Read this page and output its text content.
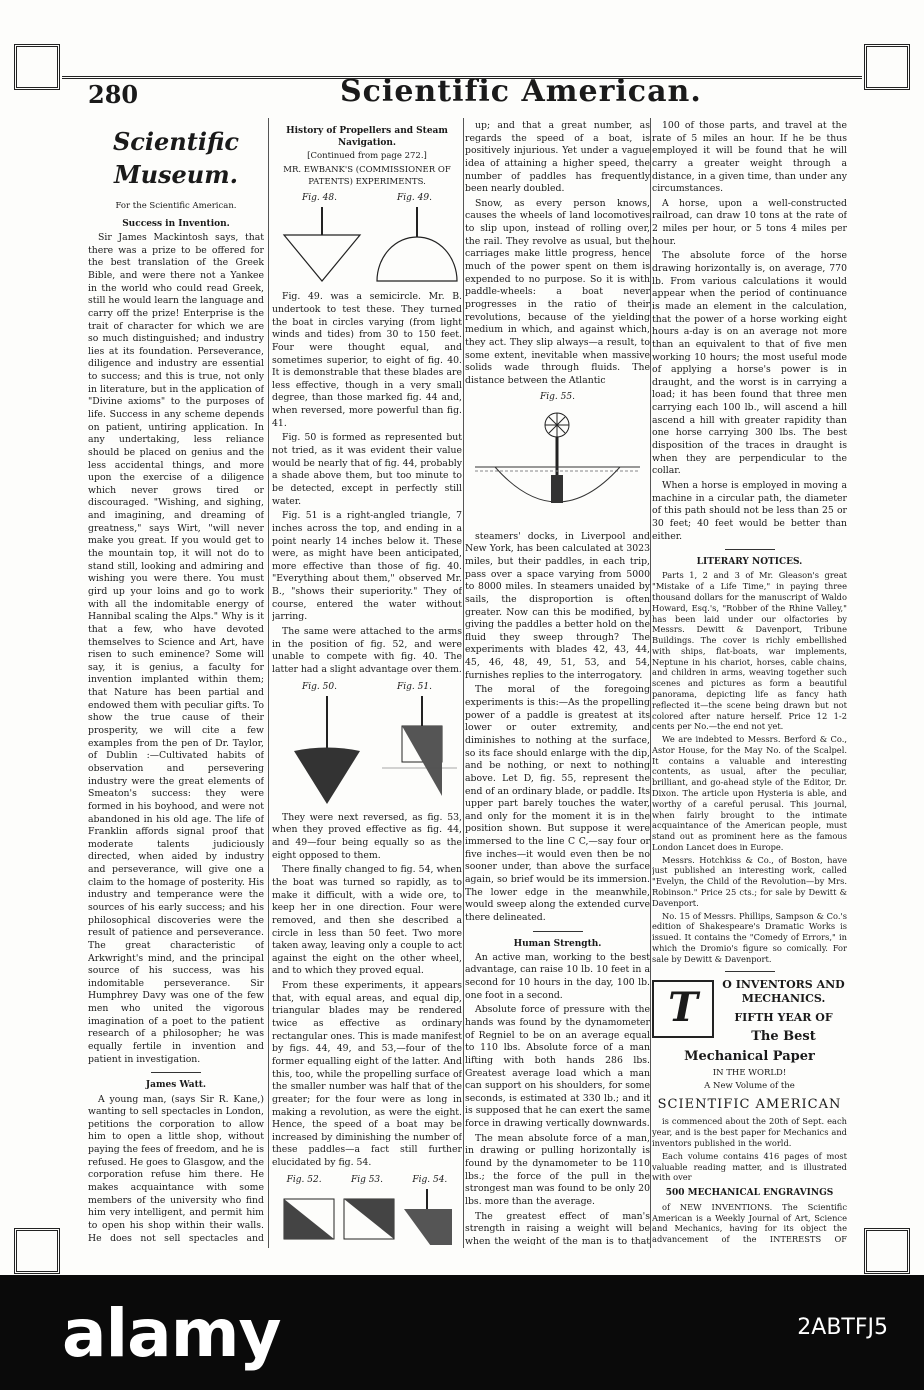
280	Scientific American.
Scientific Museum.
For the Scientific American.
Success in Invention.

Sir James Mackintosh says, that there was a prize to be offered for the best translation of the Greek Bible, and were there not a Yankee in the world who could read Greek, still he would learn the language and carry off the prize! Enterprise is the trait of character for which we are so much distinguished; and industry lies at its foundation. Perseverance, diligence and industry are essential to success; and this is true, not only in literature, but in the application of "Divine axioms" to the purposes of life. Success in any scheme depends on patient, untiring application. In any undertaking, less reliance should be placed on genius and the less accidental things, and more upon the exercise of a diligence which never grows tired or discouraged. "Wishing, and sighing, and imagining, and dreaming of greatness," says Wirt, "will never make you great. If you would get to the mountain top, it will not do to stand still, looking and admiring and wishing you were there. You must gird up your loins and go to work with all the indomitable energy of Hannibal scaling the Alps." Why is it that a few, who have devoted themselves to Science and Art, have risen to such eminence? Some will say, it is genius, a faculty for invention implanted within them; that Nature has been partial and endowed them with peculiar gifts. To show the true cause of their prosperity, we will cite a few examples from the pen of Dr. Taylor, of Dublin :—Cultivated habits of observation and persevering industry were the great elements of Smeaton's success: they were formed in his boyhood, and were not abandoned in his old age. The life of Franklin affords signal proof that moderate talents judiciously directed, when aided by industry and perseverance, will give one a claim to the homage of posterity. His industry and temperance were the sources of his early success; and his philosophical discoveries were the result of patience and perseverance. The great characteristic of Arkwright's mind, and the principal source of his success, was his indomitable perseverance. Sir Humphrey Davy was one of the few men who united the vigorous imagination of a poet to the patient research of a philosopher; he was equally fertile in invention and patient in investigation.

James Watt.

A young man, (says Sir R. Kane,) wanting to sell spectacles in London, petitions the corporation to allow him to open a little shop, without paying the fees of freedom, and he is refused. He goes to Glasgow, and the corporation refuse him there. He makes acquaintance with some members of the university who find him very intelligent, and permit him to open his shop within their walls. He does not sell spectacles and

History of Propellers and Steam Navigation.
[Continued from page 272.]
MR. EWBANK'S (COMMISSIONER OF PATENTS) EXPERIMENTS.
Fig. 48.	Fig. 49.

Fig. 49. was a semicircle. Mr. B. undertook to test these. They turned the boat in circles varying (from light winds and tides) from 30 to 150 feet. Four were thought equal, and sometimes superior, to eight of fig. 40. It is demonstrable that these blades are less effective, though in a very small degree, than those marked fig. 44 and, when reversed, more powerful than fig. 41.

Fig. 50 is formed as represented but not tried, as it was evident their value would be nearly that of fig. 44, probably a shade above them, but too minute to be detected, except in perfectly still water.

Fig. 51 is a right-angled triangle, 7 inches across the top, and ending in a point nearly 14 inches below it. These were, as might have been anticipated, more effective than those of fig. 40. "Everything about them," observed Mr. B., "shows their superiority." They of course, entered the water without jarring.

The same were attached to the arms in the position of fig. 52, and were unable to compete with fig. 40. The latter had a slight advantage over them.

Fig. 50.	Fig. 51.

They were next reversed, as fig. 53, when they proved effective as fig. 44, and 49—four being equally so as the eight opposed to them.

There finally changed to fig. 54, when the boat was turned so rapidly, as to make it difficult, with a wide ore, to keep her in one direction. Four were removed, and then she described a circle in less than 50 feet. Two more taken away, leaving only a couple to act against the eight on the other wheel, and to which they proved equal.

From these experiments, it appears that, with equal areas, and equal dip, triangular blades may be rendered twice as effective as ordinary rectangular ones. This is made manifest by figs. 44, 49, and 53,—four of the former equalling eight of the latter. And this, too, while the propelling surface of the smaller number was half that of the greater; for the four were as long in making a revolution, as were the eight. Hence, the speed of a boat may be increased by diminishing the number of these paddles—a fact still further elucidated by fig. 54.

Fig. 52.	Fig 53.	Fig. 54.

up; and that a great number, as regards the speed of a boat, is positively injurious. Yet under a vague idea of attaining a higher speed, the number of paddles has frequently been nearly doubled.

Snow, as every person knows, causes the wheels of land locomotives to slip upon, instead of rolling over, the rail. They revolve as usual, but the carriages make little progress, hence much of the power spent on them is expended to no purpose. So it is with paddle-wheels: a boat never progresses in the ratio of their revolutions, because of the yielding medium in which, and against which, they act. They slip always—a result, to some extent, inevitable when massive solids wade through fluids. The distance between the Atlantic

Fig. 55.

steamers' docks, in Liverpool and New York, has been calculated at 3023 miles, but their paddles, in each trip, pass over a space varying from 5000 to 8000 miles. In steamers unaided by sails, the disproportion is often greater. Now can this be modified, by giving the paddles a better hold on the fluid they sweep through? The experiments with blades 42, 43, 44, 45, 46, 48, 49, 51, 53, and 54, furnishes replies to the interrogatory.

The moral of the foregoing experiments is this:—As the propelling power of a paddle is greatest at its lower or outer extremity, and diminishes to nothing at the surface, so its face should enlarge with the dip, and be nothing, or next to nothing above. Let D, fig. 55, represent the end of an ordinary blade, or paddle. Its upper part barely touches the water, and only for the moment it is in the position shown. But suppose it were immersed to the line C C,—say four or five inches—it would even then be no sooner under, than above the surface again, so brief would be its immersion. The lower edge in the meanwhile, would sweep along the extended curve there delineated.

Human Strength.

An active man, working to the best advantage, can raise 10 lb. 10 feet in a second for 10 hours in the day, 100 lb. one foot in a second.

Absolute force of pressure with the hands was found by the dynamometer of Regniel to be on an average equal to 110 lbs. Absolute force of a man lifting with both hands 286 lbs. Greatest average load which a man can support on his shoulders, for some seconds, is estimated at 330 lb.; and it is supposed that he can exert the same force in drawing vertically downwards.

The mean absolute force of a man, in drawing or pulling horizontally is found by the dynamometer to be 110 lbs.; the force of the pull in the strongest man was found to be only 20 lbs. more than the average.

The greatest effect of man's strength in raising a weight will be when the weight of the man is to that

100 of those parts, and travel at the rate of 5 miles an hour. If he be thus employed it will be found that he will carry a greater weight through a distance, in a given time, than under any circumstances.

A horse, upon a well-constructed railroad, can draw 10 tons at the rate of 2 miles per hour, or 5 tons 4 miles per hour.

The absolute force of the horse drawing horizontally is, on average, 770 lb. From various calculations it would appear when the period of continuance is made an element in the calculation, that the power of a horse working eight hours a-day is on an average not more than an equivalent to that of five men working 10 hours; the most useful mode of applying a horse's power is in draught, and the worst is in carrying a load; it has been found that three men carrying each 100 lb., will ascend a hill ascend a hill with greater rapidity than one horse carrying 300 lbs. The best disposition of the traces in draught is when they are perpendicular to the collar.

When a horse is employed in moving a machine in a circular path, the diameter of this path should not be less than 25 or 30 feet; 40 feet would be better than either.

LITERARY NOTICES.

Parts 1, 2 and 3 of Mr. Gleason's great "Mistake of a Life Time," in paying three thousand dollars for the manuscript of Waldo Howard, Esq.'s, "Robber of the Rhine Valley," has been laid under our olfactories by Messrs. Dewitt & Davenport, Tribune Buildings. The cover is richly embellished with ships, flat-boats, war implements, Neptune in his chariot, horses, cable chains, and children in arms, weaving together such scenes and pictures as form a beautiful panorama, depicting life as fancy hath reflected it—the scene being drawn but not colored after nature herself. Price 12 1-2 cents per No.—the end not yet.

We are indebted to Messrs. Berford & Co., Astor House, for the May No. of the Scalpel. It contains a valuable and interesting contents, as usual, after the peculiar, brilliant, and go-ahead style of the Editor, Dr. Dixon. The article upon Hysteria is able, and worthy of a careful perusal. This journal, when fairly brought to the intimate acquaintance of the American people, must stand out as prominent here as the famous London Lancet does in Europe.

Messrs. Hotchkiss & Co., of Boston, have just published an interesting work, called "Evelyn, the Child of the Revolution—by Mrs. Robinson." Price 25 cts.; for sale by Dewitt & Davenport.

No. 15 of Messrs. Phillips, Sampson & Co.'s edition of Shakespeare's Dramatic Works is issued. It contains the "Comedy of Errors," in which the Dromio's figure so comically. For sale by Dewitt & Davenport.

T
O INVENTORS AND MECHANICS.
FIFTH YEAR OF
The Best
Mechanical Paper
IN THE WORLD!
A New Volume of the
SCIENTIFIC AMERICAN

is commenced about the 20th of Sept. each year, and is the best paper for Mechanics and inventors published in the world.

Each volume contains 416 pages of most valuable reading matter, and is illustrated with over

500 MECHANICAL ENGRAVINGS

of NEW INVENTIONS. The Scientific American is a Weekly Journal of Art, Science and Mechanics, having for its object the advancement of the INTERESTS OF

alamy	2ABTFJ5
